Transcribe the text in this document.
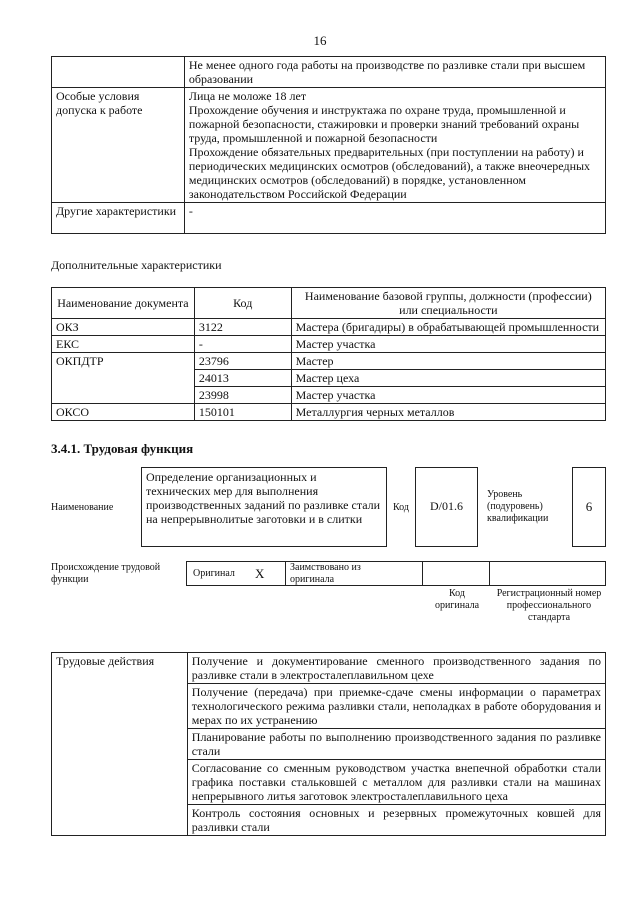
16

	Не менее одного года работы на производстве по разливке стали при высшем образовании

Особые условия допуска к работе	Лица не моложе 18 лет
Прохождение обучения и инструктажа по охране труда, промышленной и пожарной безопасности, стажировки и проверки знаний требований охраны труда, промышленной и пожарной безопасности
Прохождение обязательных предварительных (при поступлении на работу) и периодических медицинских осмотров (обследований), а также внеочередных медицинских осмотров (обследований) в порядке, установленном законодательством Российской Федерации

Другие характеристики	-
Дополнительные характеристики
Наименование документа	Код	Наименование базовой группы, должности (профессии) или специальности
ОКЗ	3122	Мастера (бригадиры) в обрабатывающей промышленности
ЕКС	-	Мастер участка
ОКПДТР	23796	Мастер
	24013	Мастер цеха
	23998	Мастер участка
ОКСО	150101	Металлургия черных металлов
3.4.1. Трудовая функция
Наименование
Определение организационных и технических мер для выполнения производственных заданий по разливке стали на непрерывнолитые заготовки и в слитки
Код	D/01.6
Уровень (подуровень) квалификации
6
Происхождение трудовой функции
Оригинал X	Заимствовано из оригинала
Код оригинала
Регистрационный номер профессионального стандарта
Трудовые действия	Получение и документирование сменного производственного задания по разливке стали в электросталеплавильном цехе
Получение (передача) при приемке-сдаче смены информации о параметрах технологического режима разливки стали, неполадках в работе оборудования и мерах по их устранению
Планирование работы по выполнению производственного задания по разливке стали
Согласование со сменным руководством участка внепечной обработки стали графика поставки стальковшей с металлом для разливки стали на машинах непрерывного литья заготовок электросталеплавильного цеха
Контроль состояния основных и резервных промежуточных ковшей для разливки стали
